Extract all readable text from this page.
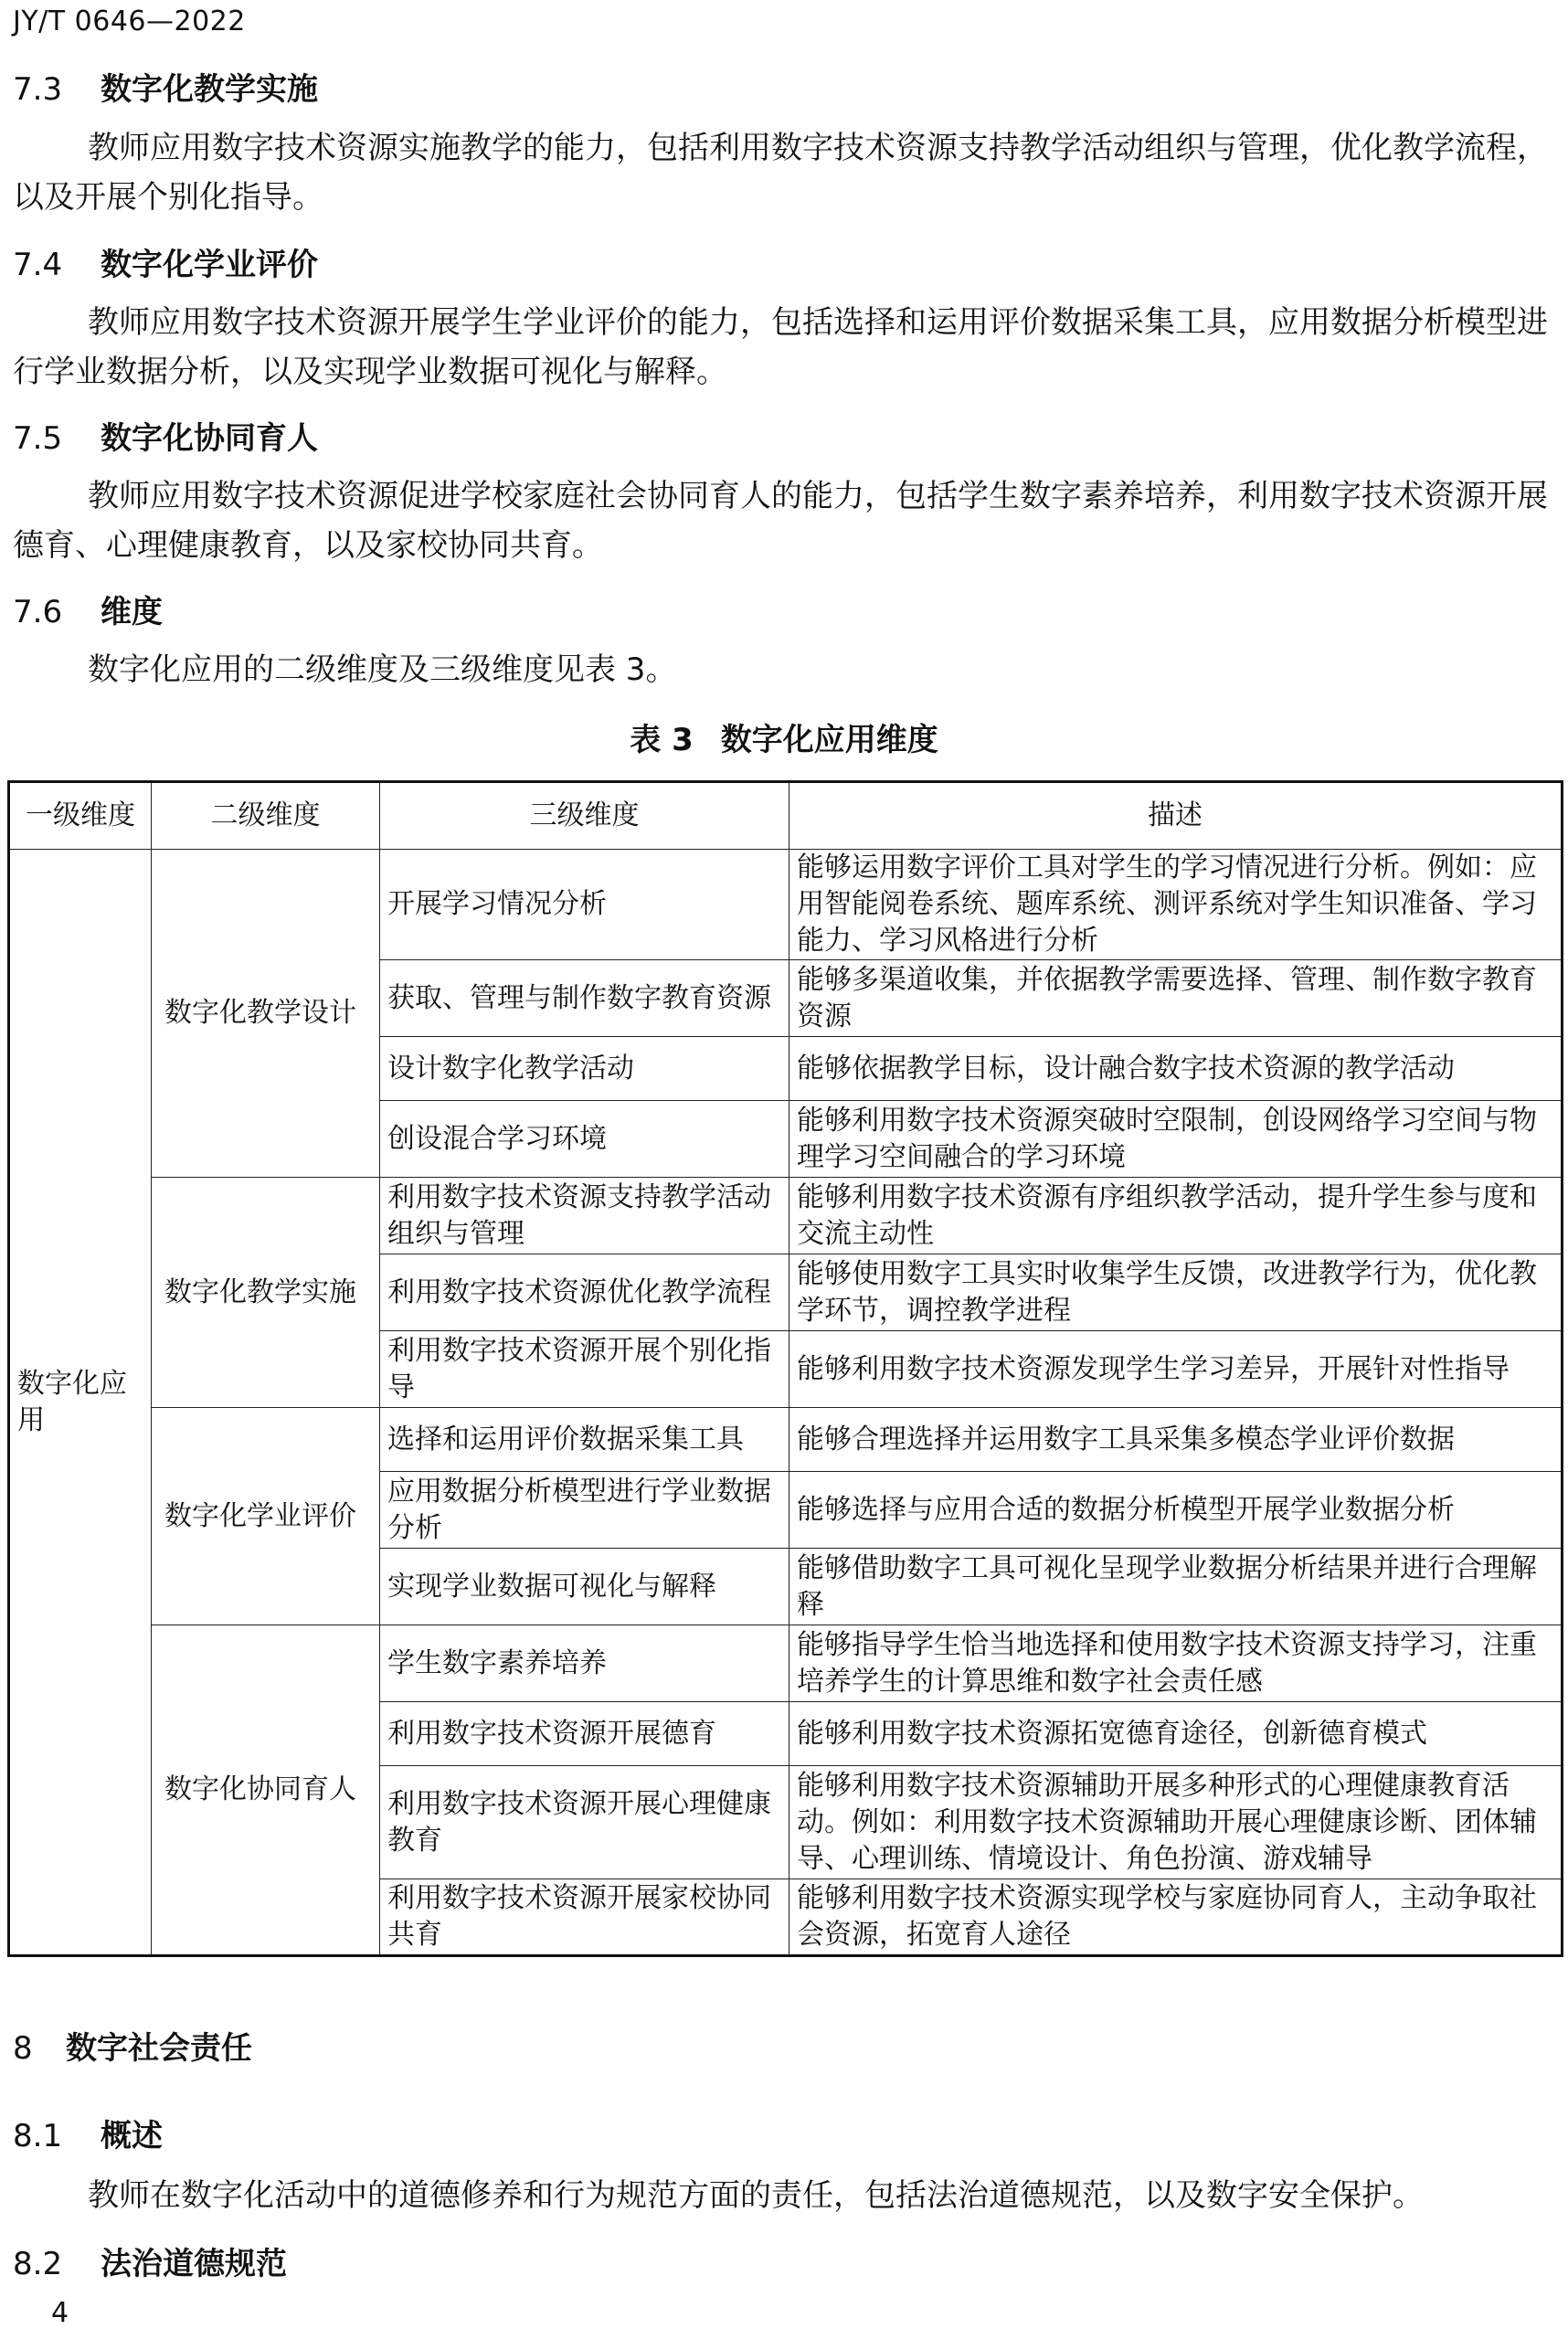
JY/T 0646—2022
7.3 数字化教学实施

教师应用数字技术资源实施教学的能力，包括利用数字技术资源支持教学活动组织与管理，优化教学流程，以及开展个别化指导。

7.4 数字化学业评价

教师应用数字技术资源开展学生学业评价的能力，包括选择和运用评价数据采集工具，应用数据分析模型进行学业数据分析，以及实现学业数据可视化与解释。

7.5 数字化协同育人

教师应用数字技术资源促进学校家庭社会协同育人的能力，包括学生数字素养培养，利用数字技术资源开展德育、心理健康教育，以及家校协同共育。

7.6 维度

数字化应用的二级维度及三级维度见表 3。

表 3 数字化应用维度
一级维度	二级维度	三级维度	描述
数字化应用	数字化教学设计	开展学习情况分析	能够运用数字评价工具对学生的学习情况进行分析。例如：应用智能阅卷系统、题库系统、测评系统对学生知识准备、学习能力、学习风格进行分析
		获取、管理与制作数字教育资源	能够多渠道收集，并依据教学需要选择、管理、制作数字教育资源
		设计数字化教学活动	能够依据教学目标，设计融合数字技术资源的教学活动
		创设混合学习环境	能够利用数字技术资源突破时空限制，创设网络学习空间与物理学习空间融合的学习环境
	数字化教学实施	利用数字技术资源支持教学活动组织与管理	能够利用数字技术资源有序组织教学活动，提升学生参与度和交流主动性
		利用数字技术资源优化教学流程	能够使用数字工具实时收集学生反馈，改进教学行为，优化教学环节，调控教学进程
		利用数字技术资源开展个别化指导	能够利用数字技术资源发现学生学习差异，开展针对性指导
	数字化学业评价	选择和运用评价数据采集工具	能够合理选择并运用数字工具采集多模态学业评价数据
		应用数据分析模型进行学业数据分析	能够选择与应用合适的数据分析模型开展学业数据分析
		实现学业数据可视化与解释	能够借助数字工具可视化呈现学业数据分析结果并进行合理解释
	数字化协同育人	学生数字素养培养	能够指导学生恰当地选择和使用数字技术资源支持学习，注重培养学生的计算思维和数字社会责任感
		利用数字技术资源开展德育	能够利用数字技术资源拓宽德育途径，创新德育模式
		利用数字技术资源开展心理健康教育	能够利用数字技术资源辅助开展多种形式的心理健康教育活动。例如：利用数字技术资源辅助开展心理健康诊断、团体辅导、心理训练、情境设计、角色扮演、游戏辅导
		利用数字技术资源开展家校协同共育	能够利用数字技术资源实现学校与家庭协同育人，主动争取社会资源，拓宽育人途径
8 数字社会责任
8.1 概述

教师在数字化活动中的道德修养和行为规范方面的责任，包括法治道德规范，以及数字安全保护。

8.2 法治道德规范
4
